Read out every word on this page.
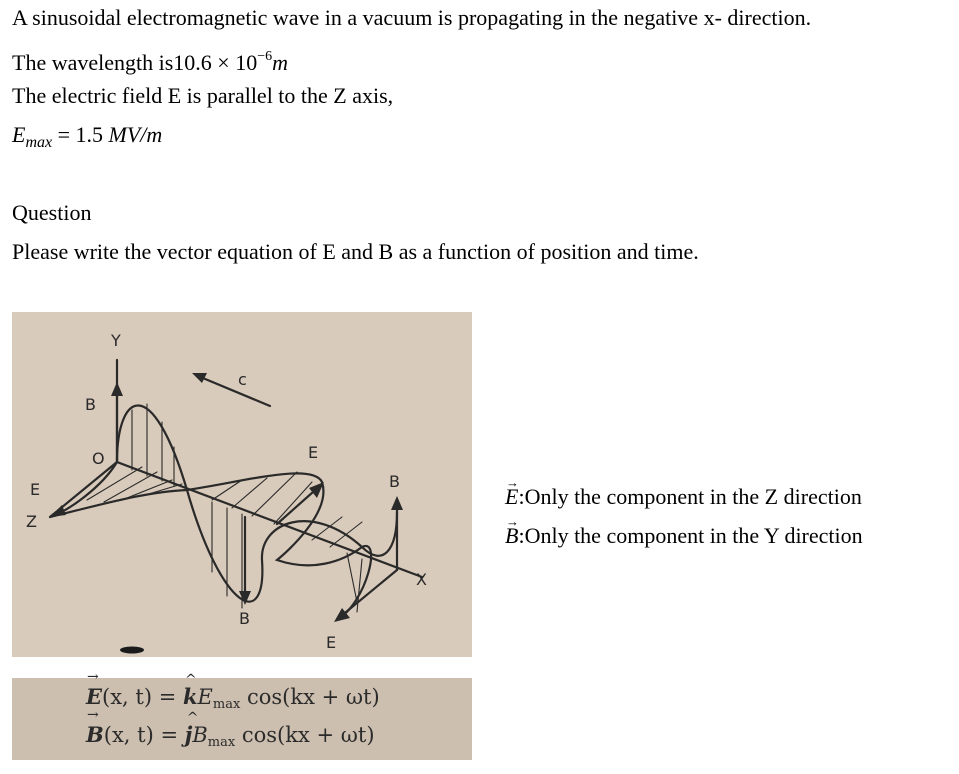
A sinusoidal electromagnetic wave in a vacuum is propagating in the negative x- direction.
The wavelength $is10.6 \times 10^{-6}m$
The electric field E is parallel to the Z axis,
$E_{max} = 1.5$ MV/m
Question
Please write the vector equation of E and B as a function of position and time.
Y
Z
X
O
c
B
E
E
B
B
E
→ E(x, t) = ^ $kE_{max}$ cos(kx + ωt)
→ B(x, t) = ^ $jB_{max}$ cos(kx + ωt)
→ E:Only the component in the Z direction
→ B:Only the component in the Y direction
